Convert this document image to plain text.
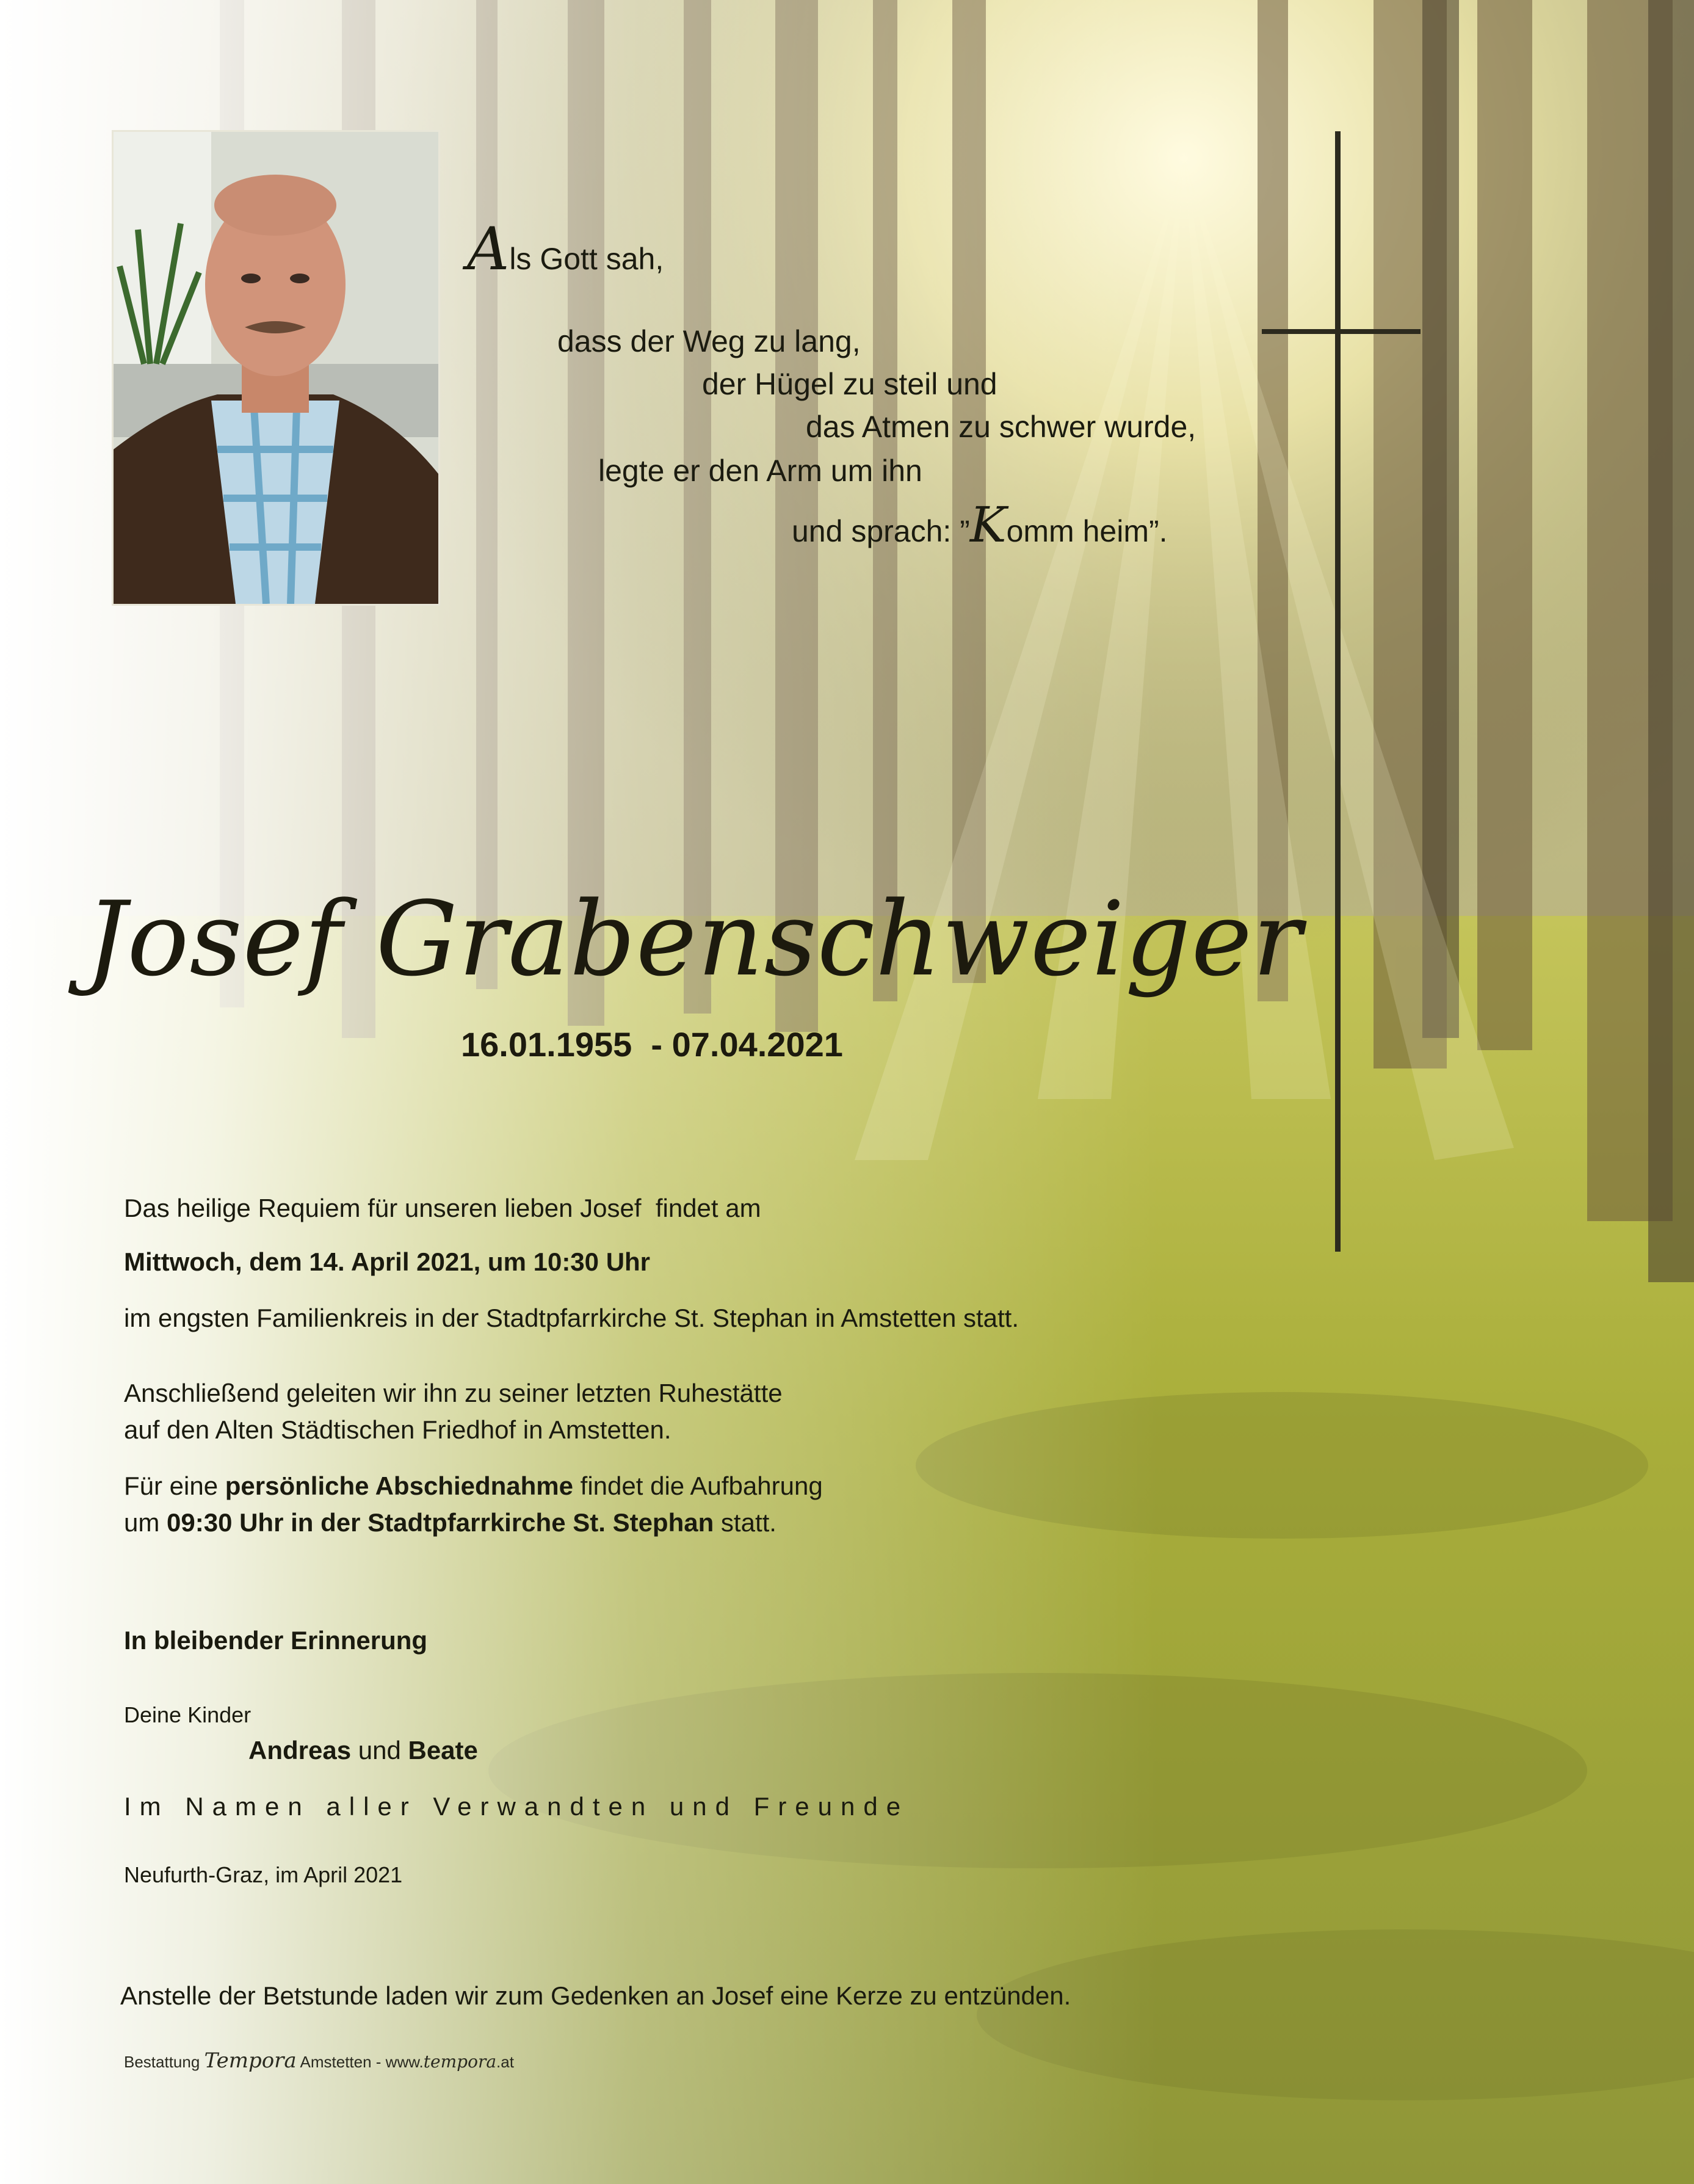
Als Gott sah,
dass der Weg zu lang,
der Hügel zu steil und
das Atmen zu schwer wurde,
legte er den Arm um ihn
und sprach: ”Komm heim”.
Josef Grabenschweiger
16.01.1955  - 07.04.2021
Das heilige Requiem für unseren lieben Josef  findet am
Mittwoch, dem 14. April 2021, um 10:30 Uhr
im engsten Familienkreis in der Stadtpfarrkirche St. Stephan in Amstetten statt.
Anschließend geleiten wir ihn zu seiner letzten Ruhestätte
auf den Alten Städtischen Friedhof in Amstetten.
Für eine persönliche Abschiednahme findet die Aufbahrung
um 09:30 Uhr in der Stadtpfarrkirche St. Stephan statt.
In bleibender Erinnerung
Deine Kinder
Andreas und Beate
Im Namen aller Verwandten und Freunde
Neufurth-Graz, im April 2021
Anstelle der Betstunde laden wir zum Gedenken an Josef eine Kerze zu entzünden.
Bestattung Tempora Amstetten - www.tempora.at
